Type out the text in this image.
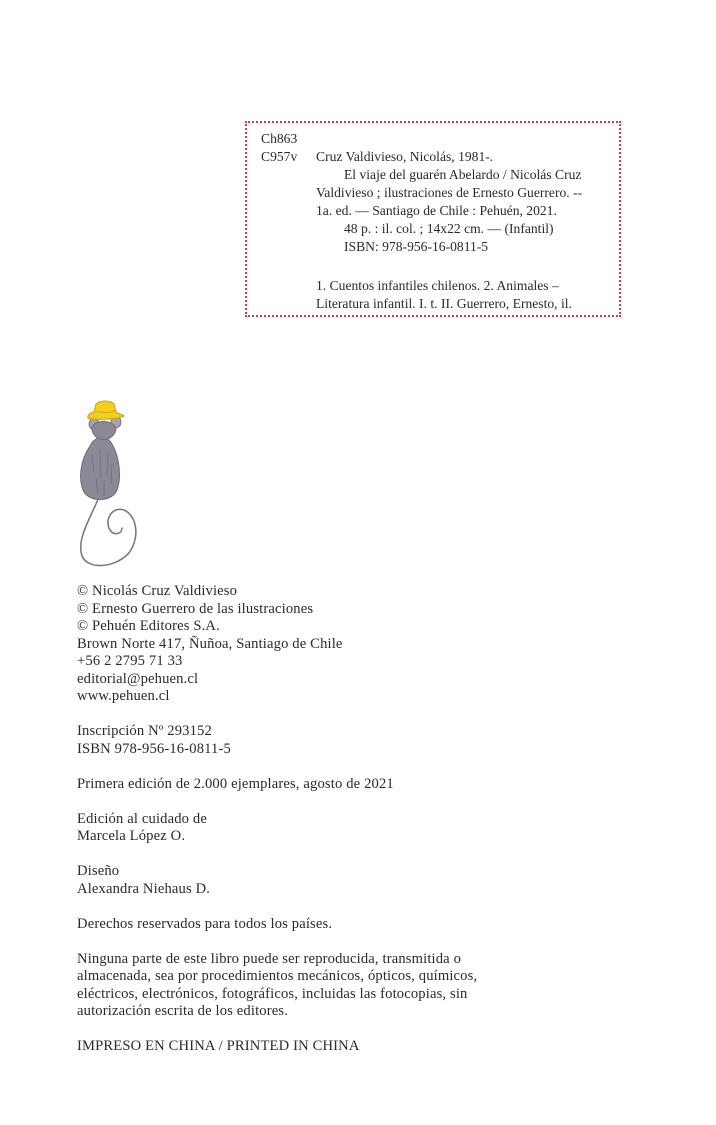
Ch863
C957v Cruz Valdivieso, Nicolás, 1981-.
El viaje del guarén Abelardo / Nicolás Cruz
Valdivieso ; ilustraciones de Ernesto Guerrero. --
1a. ed. –– Santiago de Chile : Pehuén, 2021.
48 p. : il. col. ; 14x22 cm. –– (Infantil)
ISBN: 978-956-16-0811-5
1. Cuentos infantiles chilenos. 2. Animales –
Literatura infantil. I. t. II. Guerrero, Ernesto, il.
© Nicolás Cruz Valdivieso
© Ernesto Guerrero de las ilustraciones
© Pehuén Editores S.A.
Brown Norte 417, Ñuñoa, Santiago de Chile
+56 2 2795 71 33
editorial@pehuen.cl
www.pehuen.cl
Inscripción Nº 293152
ISBN 978-956-16-0811-5
Primera edición de 2.000 ejemplares, agosto de 2021
Edición al cuidado de
Marcela López O.
Diseño
Alexandra Niehaus D.
Derechos reservados para todos los países.
Ninguna parte de este libro puede ser reproducida, transmitida o
almacenada, sea por procedimientos mecánicos, ópticos, químicos,
eléctricos, electrónicos, fotográficos, incluidas las fotocopias, sin
autorización escrita de los editores.
IMPRESO EN CHINA / PRINTED IN CHINA
